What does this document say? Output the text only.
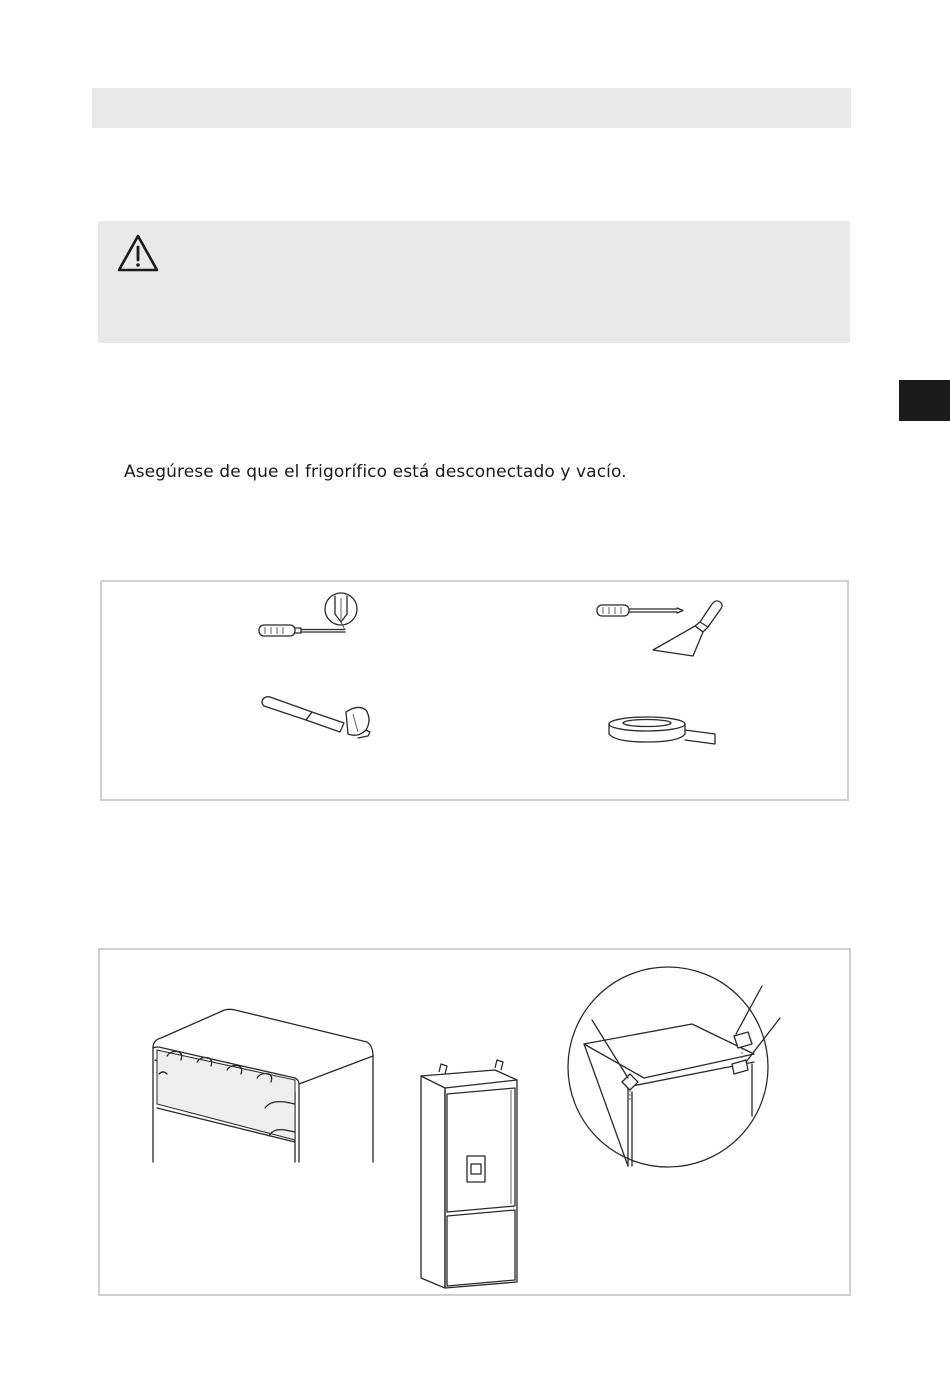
Asegúrese de que el frigorífico está desconectado y vacío.
